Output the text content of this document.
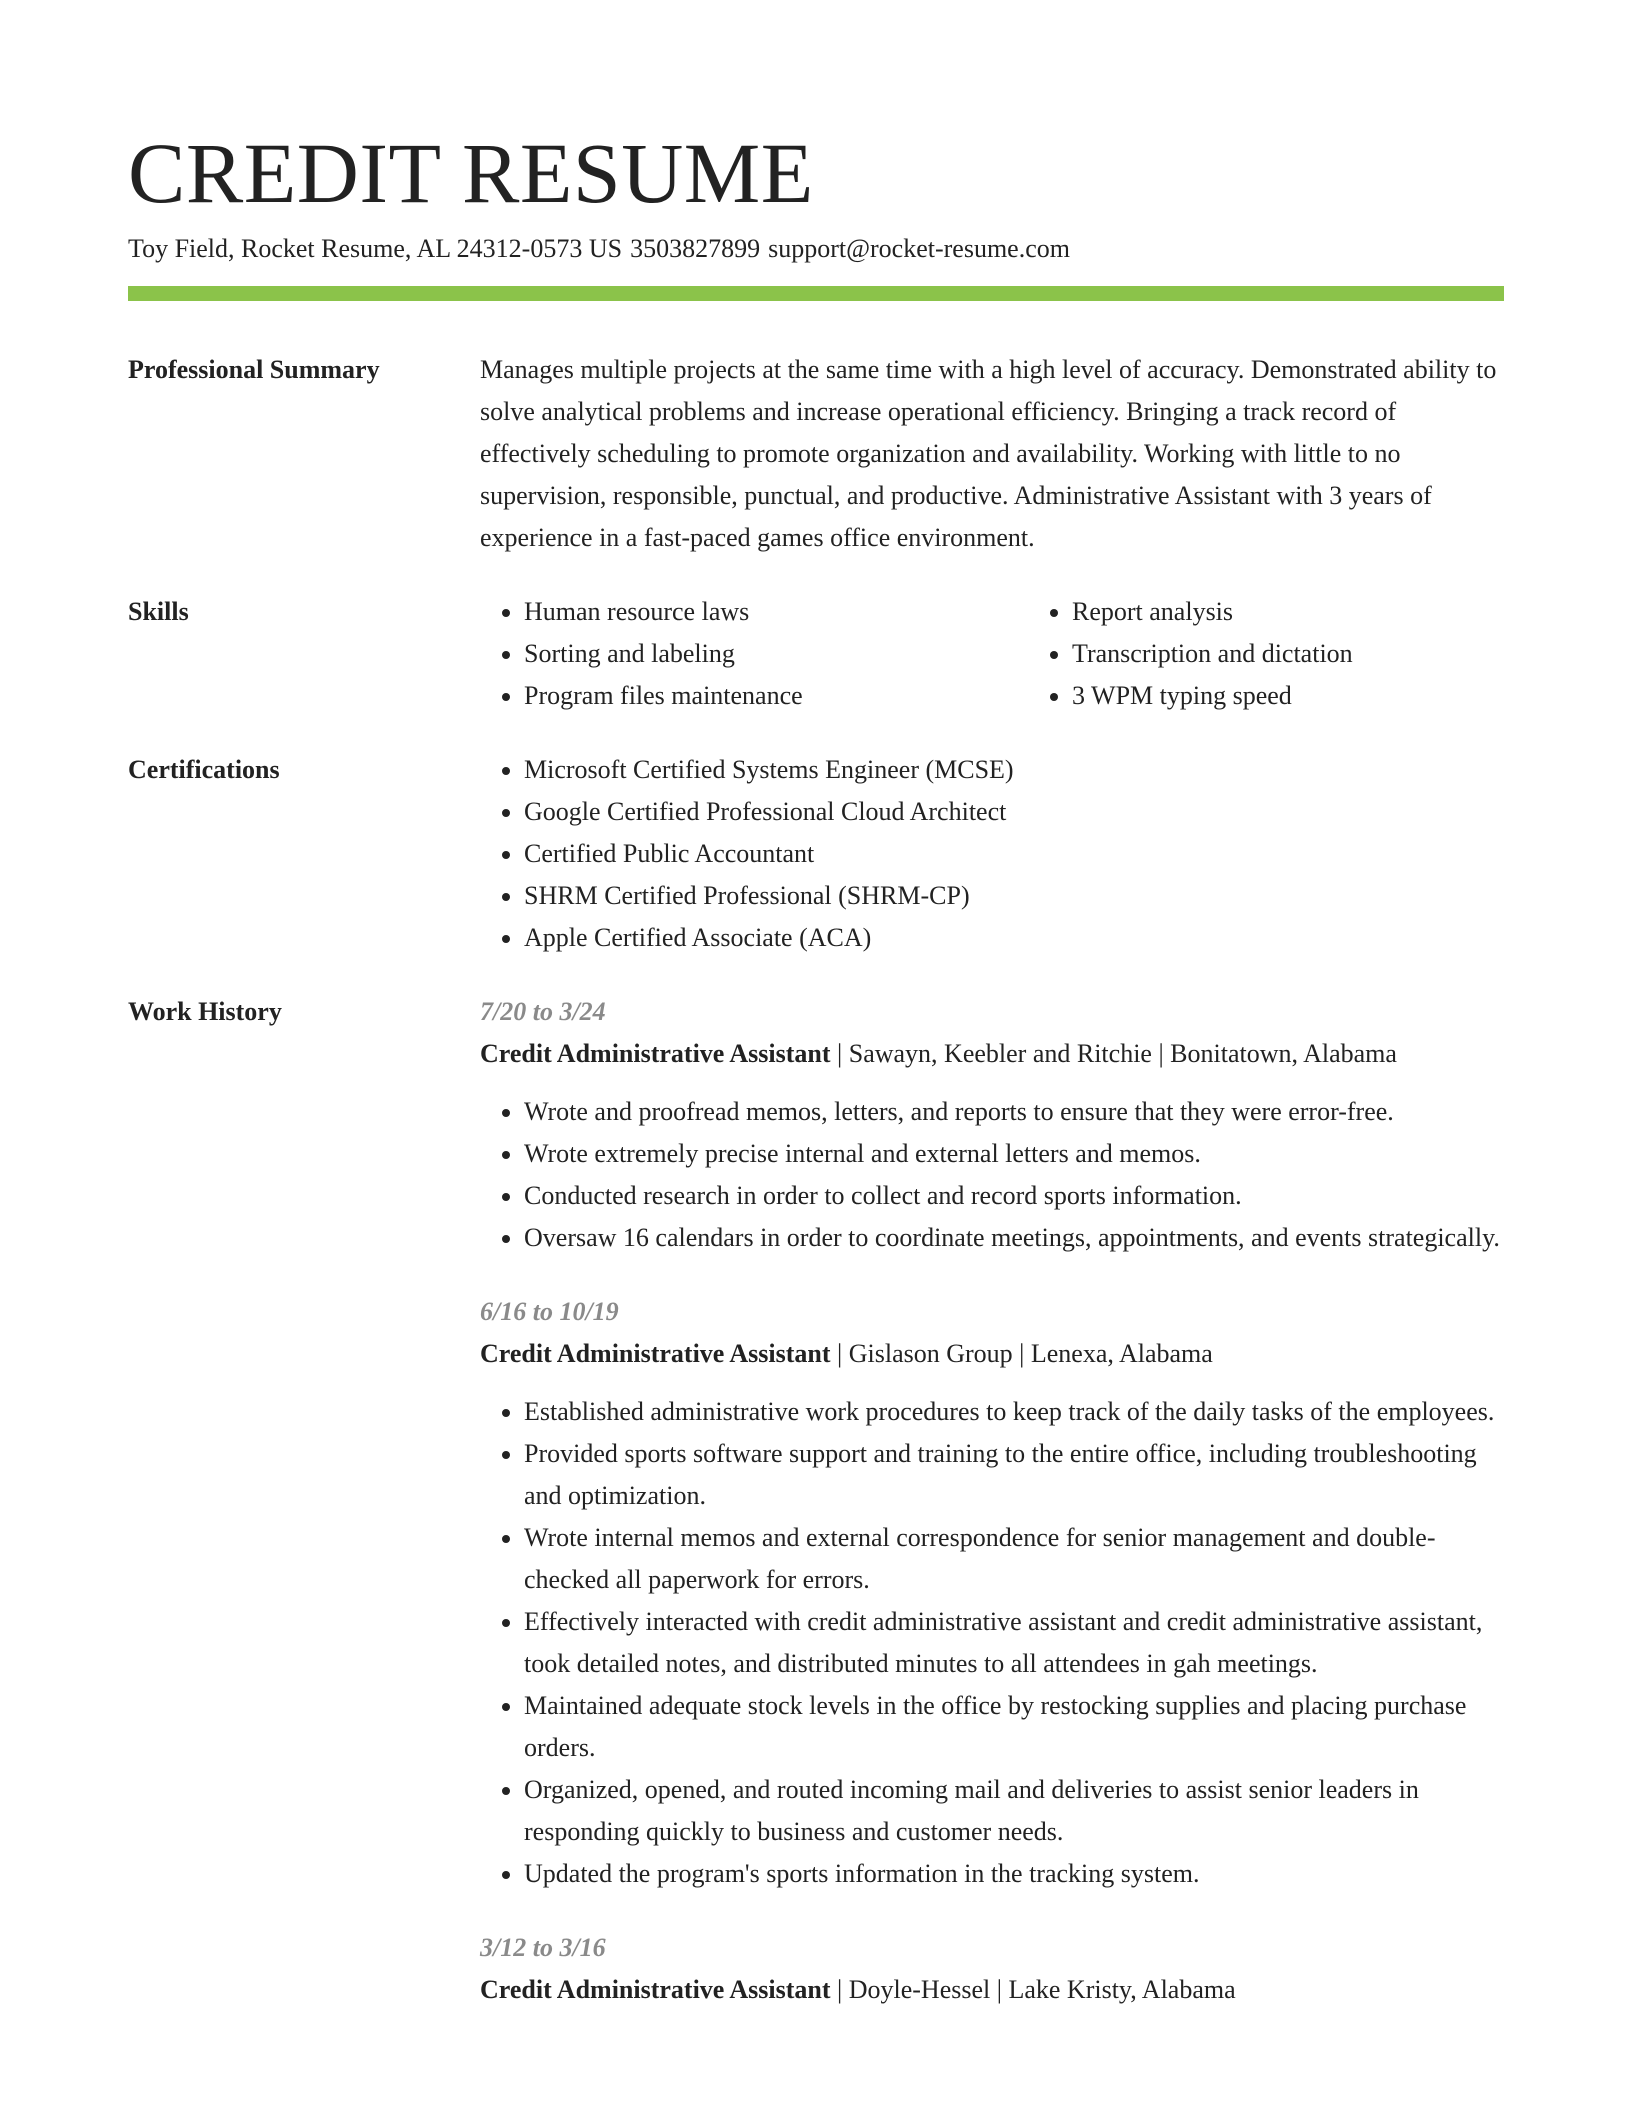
CREDIT RESUME
Toy Field, Rocket Resume, AL 24312-0573 US 3503827899 support@rocket-resume.com
Professional Summary	Manages multiple projects at the same time with a high level of accuracy. Demonstrated ability to solve analytical problems and increase operational efficiency. Bringing a track record of effectively scheduling to promote organization and availability. Working with little to no supervision, responsible, punctual, and productive. Administrative Assistant with 3 years of experience in a fast-paced games office environment.

Skills	• Human resource laws
• Sorting and labeling
• Program files maintenance
• Report analysis
• Transcription and dictation
• 3 WPM typing speed
Certifications	• Microsoft Certified Systems Engineer (MCSE)
• Google Certified Professional Cloud Architect
• Certified Public Accountant
• SHRM Certified Professional (SHRM-CP)
• Apple Certified Associate (ACA)
Work History	7/20 to 3/24
Credit Administrative Assistant | Sawayn, Keebler and Ritchie | Bonitatown, Alabama
• Wrote and proofread memos, letters, and reports to ensure that they were error-free.
• Wrote extremely precise internal and external letters and memos.
• Conducted research in order to collect and record sports information.
• Oversaw 16 calendars in order to coordinate meetings, appointments, and events strategically.
6/16 to 10/19
Credit Administrative Assistant | Gislason Group | Lenexa, Alabama
• Established administrative work procedures to keep track of the daily tasks of the employees.
• Provided sports software support and training to the entire office, including troubleshooting and optimization.
• Wrote internal memos and external correspondence for senior management and double-checked all paperwork for errors.
• Effectively interacted with credit administrative assistant and credit administrative assistant, took detailed notes, and distributed minutes to all attendees in gah meetings.
• Maintained adequate stock levels in the office by restocking supplies and placing purchase orders.
• Organized, opened, and routed incoming mail and deliveries to assist senior leaders in responding quickly to business and customer needs.
• Updated the program's sports information in the tracking system.
3/12 to 3/16
Credit Administrative Assistant | Doyle-Hessel | Lake Kristy, Alabama
